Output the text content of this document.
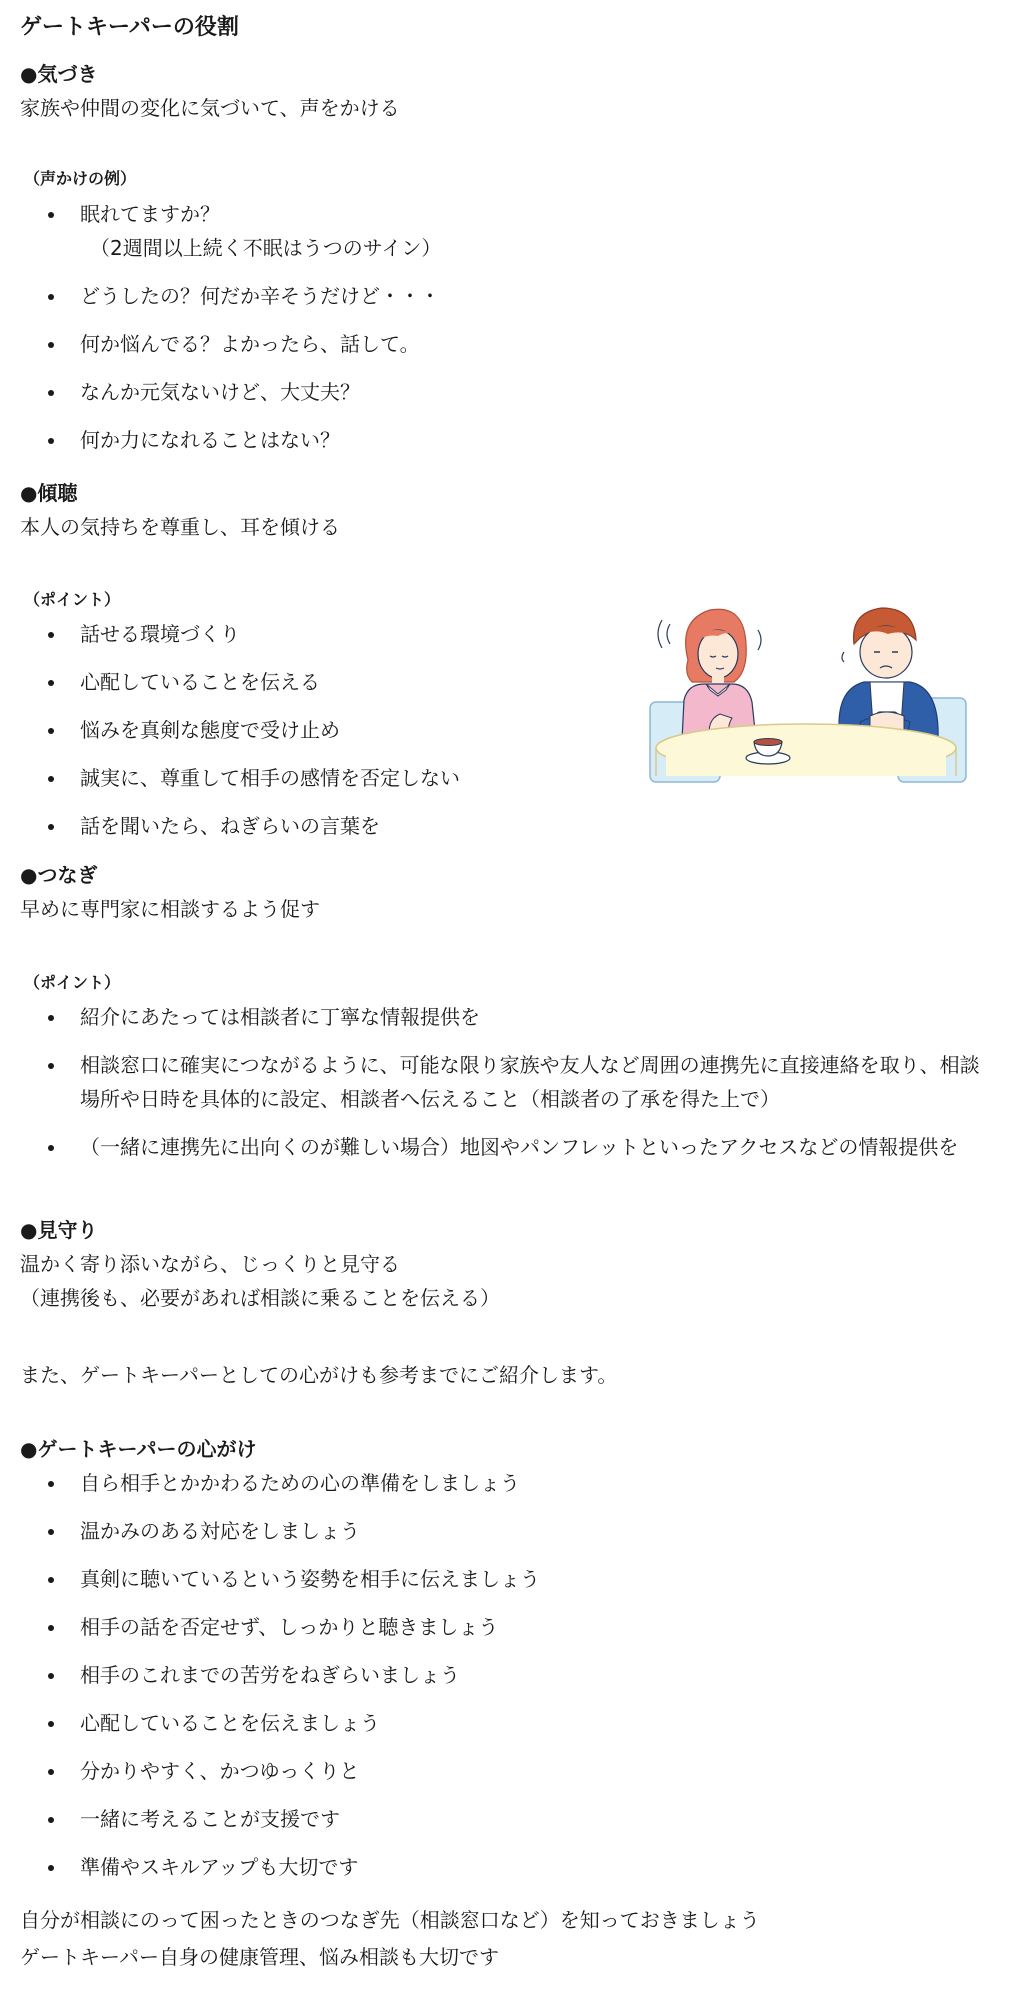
ゲートキーパーの役割
●気づき
家族や仲間の変化に気づいて、声をかける
（声かけの例）
眠れてますか？
（2週間以上続く不眠はうつのサイン）
どうしたの？何だか辛そうだけど・・・
何か悩んでる？よかったら、話して。
なんか元気ないけど、大丈夫？
何か力になれることはない？
●傾聴
本人の気持ちを尊重し、耳を傾ける
（ポイント）
話せる環境づくり
心配していることを伝える
悩みを真剣な態度で受け止め
誠実に、尊重して相手の感情を否定しない
話を聞いたら、ねぎらいの言葉を
●つなぎ
早めに専門家に相談するよう促す
（ポイント）
紹介にあたっては相談者に丁寧な情報提供を
相談窓口に確実につながるように、可能な限り家族や友人など周囲の連携先に直接連絡を取り、相談場所や日時を具体的に設定、相談者へ伝えること（相談者の了承を得た上で）
（一緒に連携先に出向くのが難しい場合）地図やパンフレットといったアクセスなどの情報提供を
●見守り
温かく寄り添いながら、じっくりと見守る
（連携後も、必要があれば相談に乗ることを伝える）
また、ゲートキーパーとしての心がけも参考までにご紹介します。
●ゲートキーパーの心がけ
自ら相手とかかわるための心の準備をしましょう
温かみのある対応をしましょう
真剣に聴いているという姿勢を相手に伝えましょう
相手の話を否定せず、しっかりと聴きましょう
相手のこれまでの苦労をねぎらいましょう
心配していることを伝えましょう
分かりやすく、かつゆっくりと
一緒に考えることが支援です
準備やスキルアップも大切です
自分が相談にのって困ったときのつなぎ先（相談窓口など）を知っておきましょう
ゲートキーパー自身の健康管理、悩み相談も大切です
